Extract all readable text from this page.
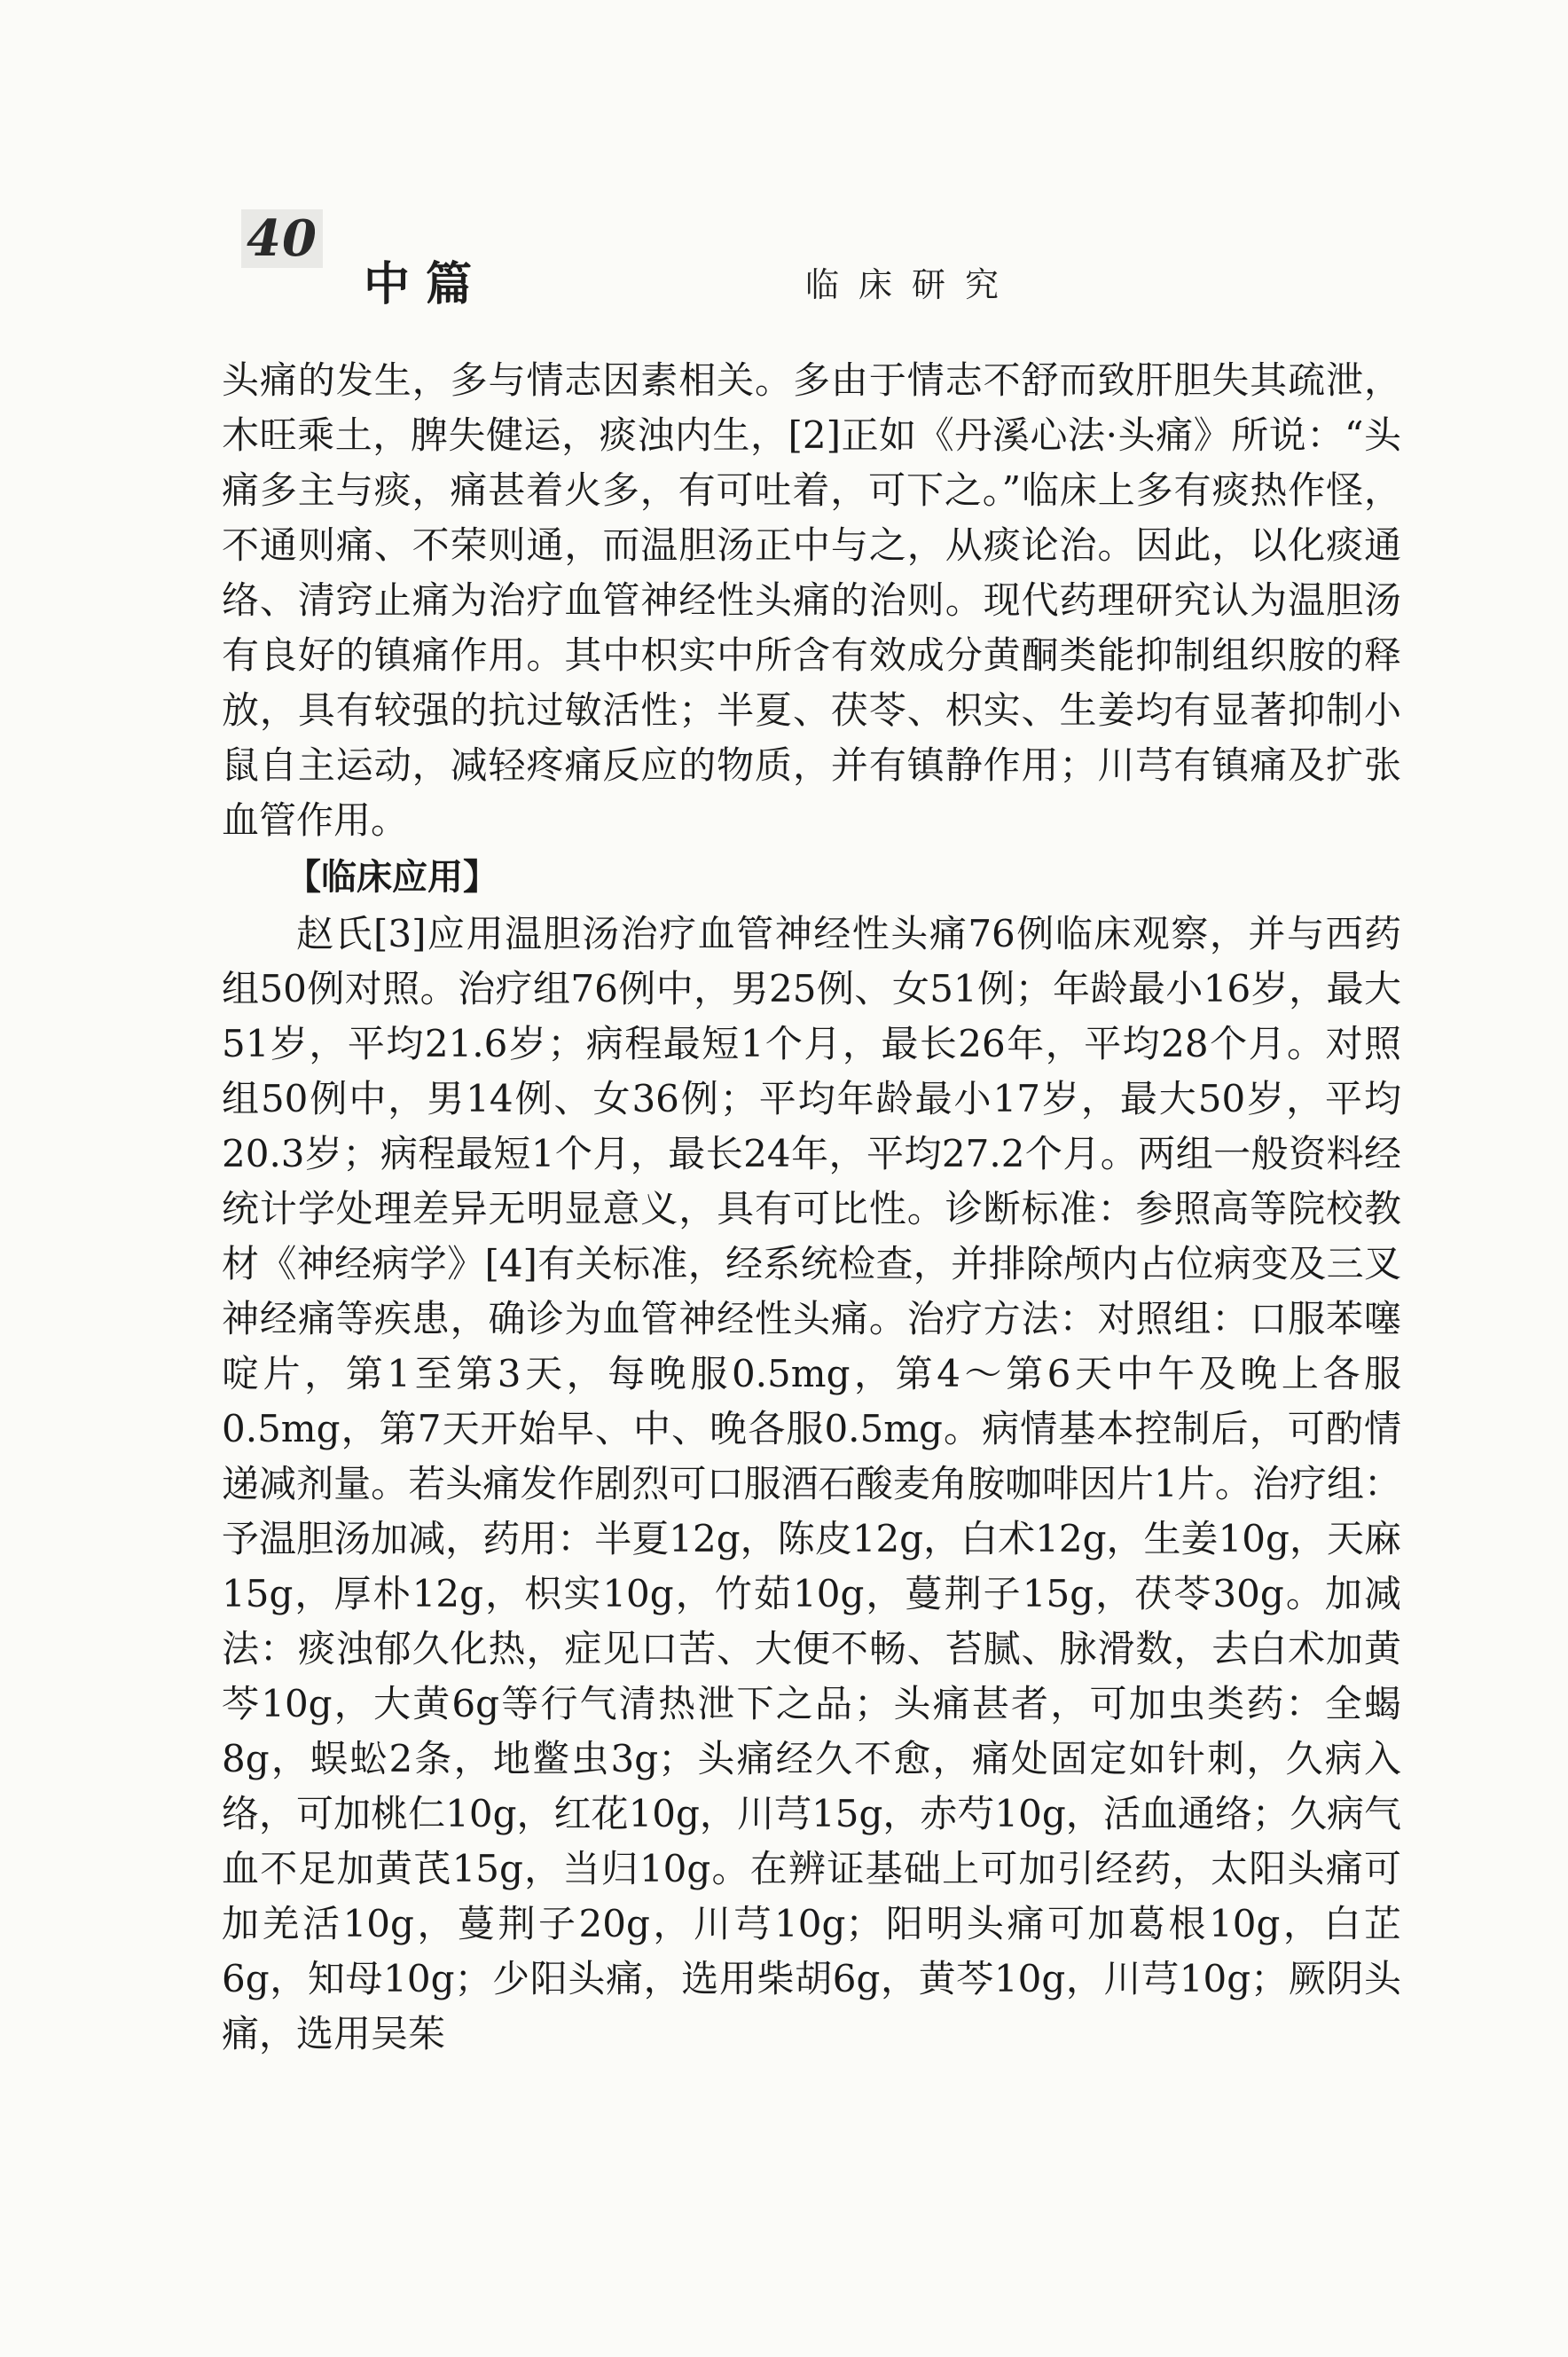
40
中篇	临床研究

头痛的发生，多与情志因素相关。多由于情志不舒而致肝胆失其疏泄，木旺乘土，脾失健运，痰浊内生，[2]正如《丹溪心法·头痛》所说：“头痛多主与痰，痛甚着火多，有可吐着，可下之。”临床上多有痰热作怪，不通则痛、不荣则通，而温胆汤正中与之，从痰论治。因此，以化痰通络、清窍止痛为治疗血管神经性头痛的治则。现代药理研究认为温胆汤有良好的镇痛作用。其中枳实中所含有效成分黄酮类能抑制组织胺的释放，具有较强的抗过敏活性；半夏、茯苓、枳实、生姜均有显著抑制小鼠自主运动，减轻疼痛反应的物质，并有镇静作用；川芎有镇痛及扩张血管作用。

【临床应用】

赵氏[3]应用温胆汤治疗血管神经性头痛76例临床观察，并与西药组50例对照。治疗组76例中，男25例、女51例；年龄最小16岁，最大51岁，平均21.6岁；病程最短1个月，最长26年，平均28个月。对照组50例中，男14例、女36例；平均年龄最小17岁，最大50岁，平均20.3岁；病程最短1个月，最长24年，平均27.2个月。两组一般资料经统计学处理差异无明显意义，具有可比性。诊断标准：参照高等院校教材《神经病学》[4]有关标准，经系统检查，并排除颅内占位病变及三叉神经痛等疾患，确诊为血管神经性头痛。治疗方法：对照组：口服苯噻啶片，第1至第3天，每晚服0.5mg，第4～第6天中午及晚上各服0.5mg，第7天开始早、中、晚各服0.5mg。病情基本控制后，可酌情递减剂量。若头痛发作剧烈可口服酒石酸麦角胺咖啡因片1片。治疗组：予温胆汤加减，药用：半夏12g，陈皮12g，白术12g，生姜10g，天麻15g，厚朴12g，枳实10g，竹茹10g，蔓荆子15g，茯苓30g。加减法：痰浊郁久化热，症见口苦、大便不畅、苔腻、脉滑数，去白术加黄芩10g，大黄6g等行气清热泄下之品；头痛甚者，可加虫类药：全蝎8g，蜈蚣2条，地鳖虫3g；头痛经久不愈，痛处固定如针刺，久病入络，可加桃仁10g，红花10g，川芎15g，赤芍10g，活血通络；久病气血不足加黄芪15g，当归10g。在辨证基础上可加引经药，太阳头痛可加羌活10g，蔓荆子20g，川芎10g；阳明头痛可加葛根10g，白芷6g，知母10g；少阳头痛，选用柴胡6g，黄芩10g，川芎10g；厥阴头痛，选用吴茱
